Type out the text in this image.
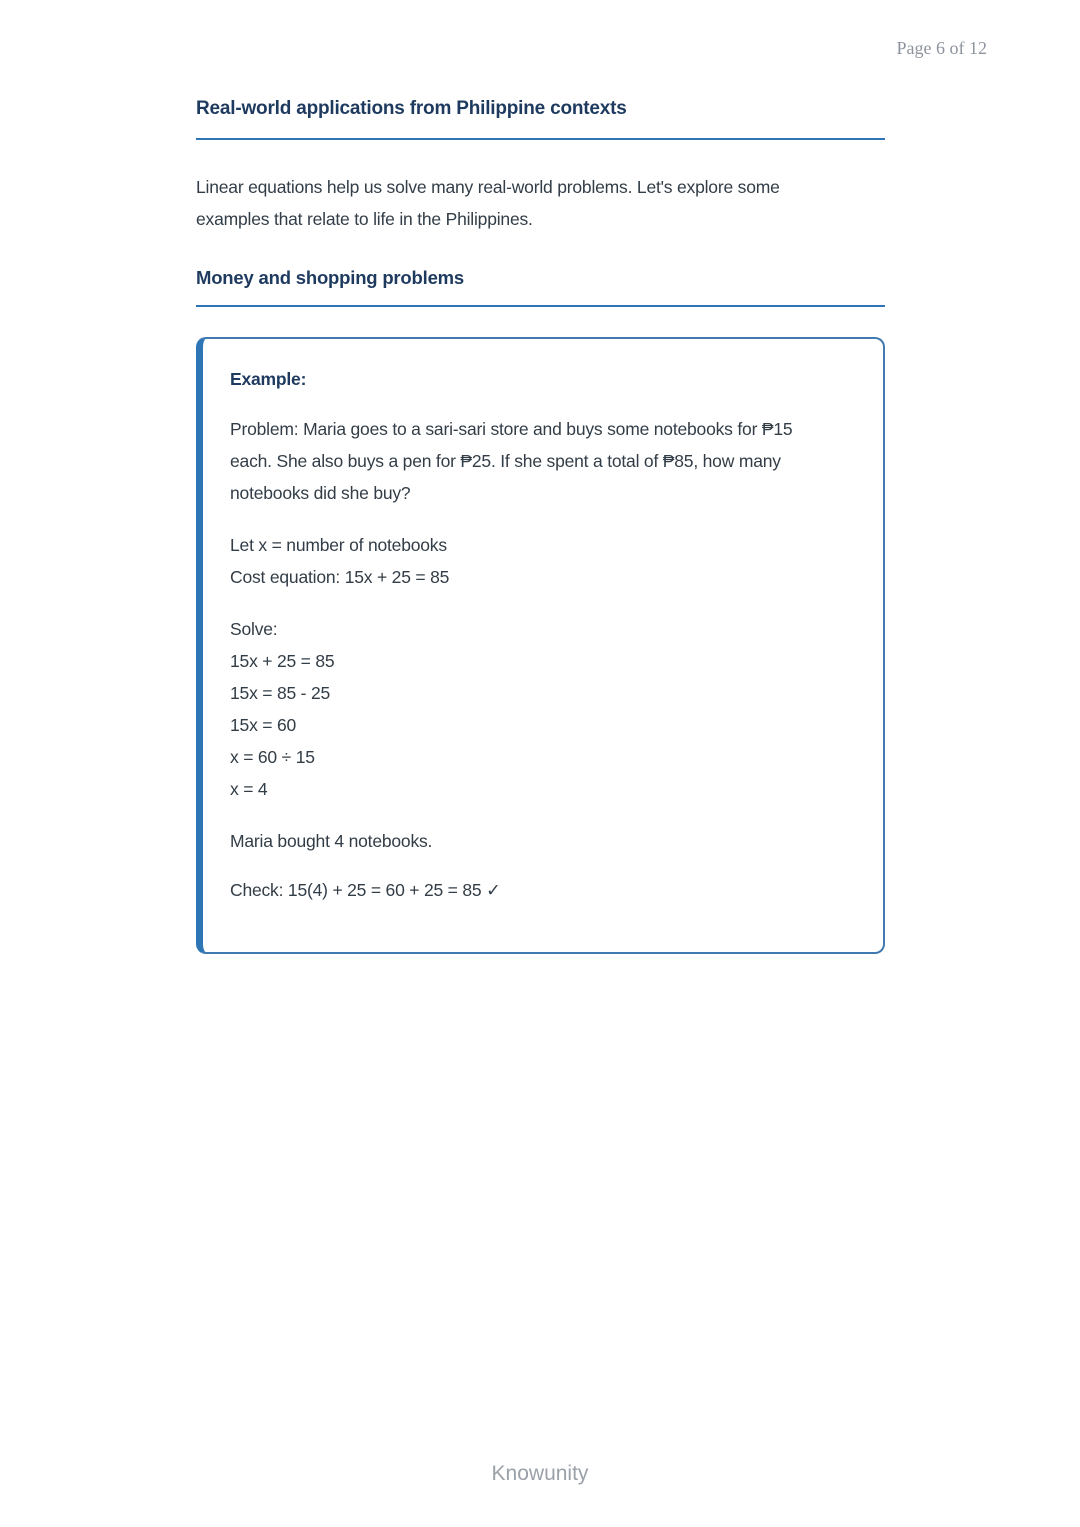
Page 6 of 12
Real-world applications from Philippine contexts

Linear equations help us solve many real-world problems. Let's explore some
examples that relate to life in the Philippines.

Money and shopping problems
Example:

Problem: Maria goes to a sari-sari store and buys some notebooks for ₱15
each. She also buys a pen for ₱25. If she spent a total of ₱85, how many
notebooks did she buy?

Let x = number of notebooks
Cost equation: 15x + 25 = 85

Solve:
15x + 25 = 85
15x = 85 - 25
15x = 60
x = 60 ÷ 15
x = 4

Maria bought 4 notebooks.

Check: 15(4) + 25 = 60 + 25 = 85 ✓

Knowunity
